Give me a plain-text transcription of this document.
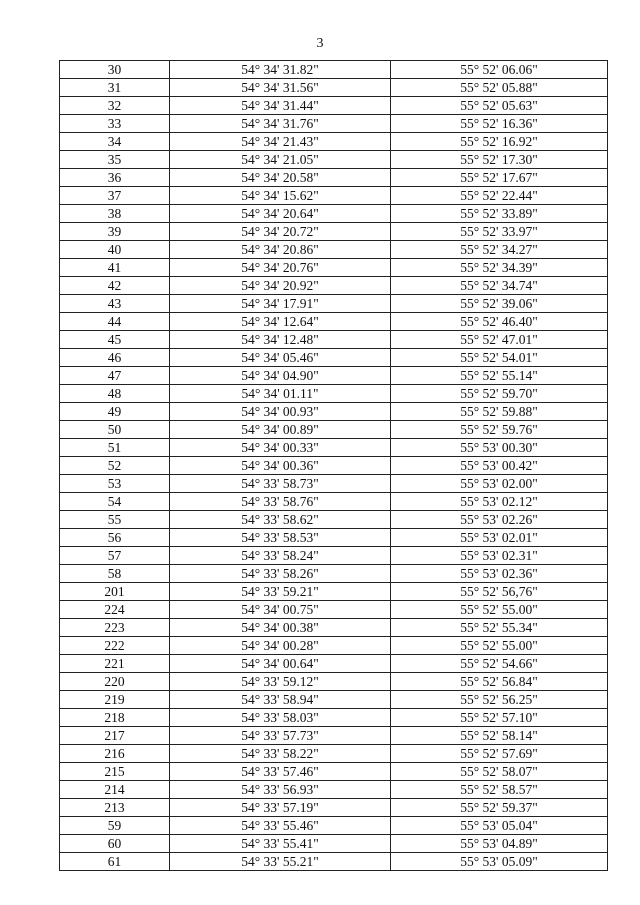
3
30	54° 34' 31.82"	55° 52' 06.06"
31	54° 34' 31.56"	55° 52' 05.88"
32	54° 34' 31.44"	55° 52' 05.63"
33	54° 34' 31.76"	55° 52' 16.36"
34	54° 34' 21.43"	55° 52' 16.92"
35	54° 34' 21.05"	55° 52' 17.30"
36	54° 34' 20.58"	55° 52' 17.67"
37	54° 34' 15.62"	55° 52' 22.44"
38	54° 34' 20.64"	55° 52' 33.89"
39	54° 34' 20.72"	55° 52' 33.97"
40	54° 34' 20.86"	55° 52' 34.27"
41	54° 34' 20.76"	55° 52' 34.39"
42	54° 34' 20.92"	55° 52' 34.74"
43	54° 34' 17.91"	55° 52' 39.06"
44	54° 34' 12.64"	55° 52' 46.40"
45	54° 34' 12.48"	55° 52' 47.01"
46	54° 34' 05.46"	55° 52' 54.01"
47	54° 34' 04.90"	55° 52' 55.14"
48	54° 34' 01.11"	55° 52' 59.70"
49	54° 34' 00.93"	55° 52' 59.88"
50	54° 34' 00.89"	55° 52' 59.76"
51	54° 34' 00.33"	55° 53' 00.30"
52	54° 34' 00.36"	55° 53' 00.42"
53	54° 33' 58.73"	55° 53' 02.00"
54	54° 33' 58.76"	55° 53' 02.12"
55	54° 33' 58.62"	55° 53' 02.26"
56	54° 33' 58.53"	55° 53' 02.01"
57	54° 33' 58.24"	55° 53' 02.31"
58	54° 33' 58.26"	55° 53' 02.36"
201	54° 33' 59.21"	55° 52' 56,76"
224	54° 34' 00.75"	55° 52' 55.00"
223	54° 34' 00.38"	55° 52' 55.34"
222	54° 34' 00.28"	55° 52' 55.00"
221	54° 34' 00.64"	55° 52' 54.66"
220	54° 33' 59.12"	55° 52' 56.84"
219	54° 33' 58.94"	55° 52' 56.25"
218	54° 33' 58.03"	55° 52' 57.10"
217	54° 33' 57.73"	55° 52' 58.14"
216	54° 33' 58.22"	55° 52' 57.69"
215	54° 33' 57.46"	55° 52' 58.07"
214	54° 33' 56.93"	55° 52' 58.57"
213	54° 33' 57.19"	55° 52' 59.37"
59	54° 33' 55.46"	55° 53' 05.04"
60	54° 33' 55.41"	55° 53' 04.89"
61	54° 33' 55.21"	55° 53' 05.09"
